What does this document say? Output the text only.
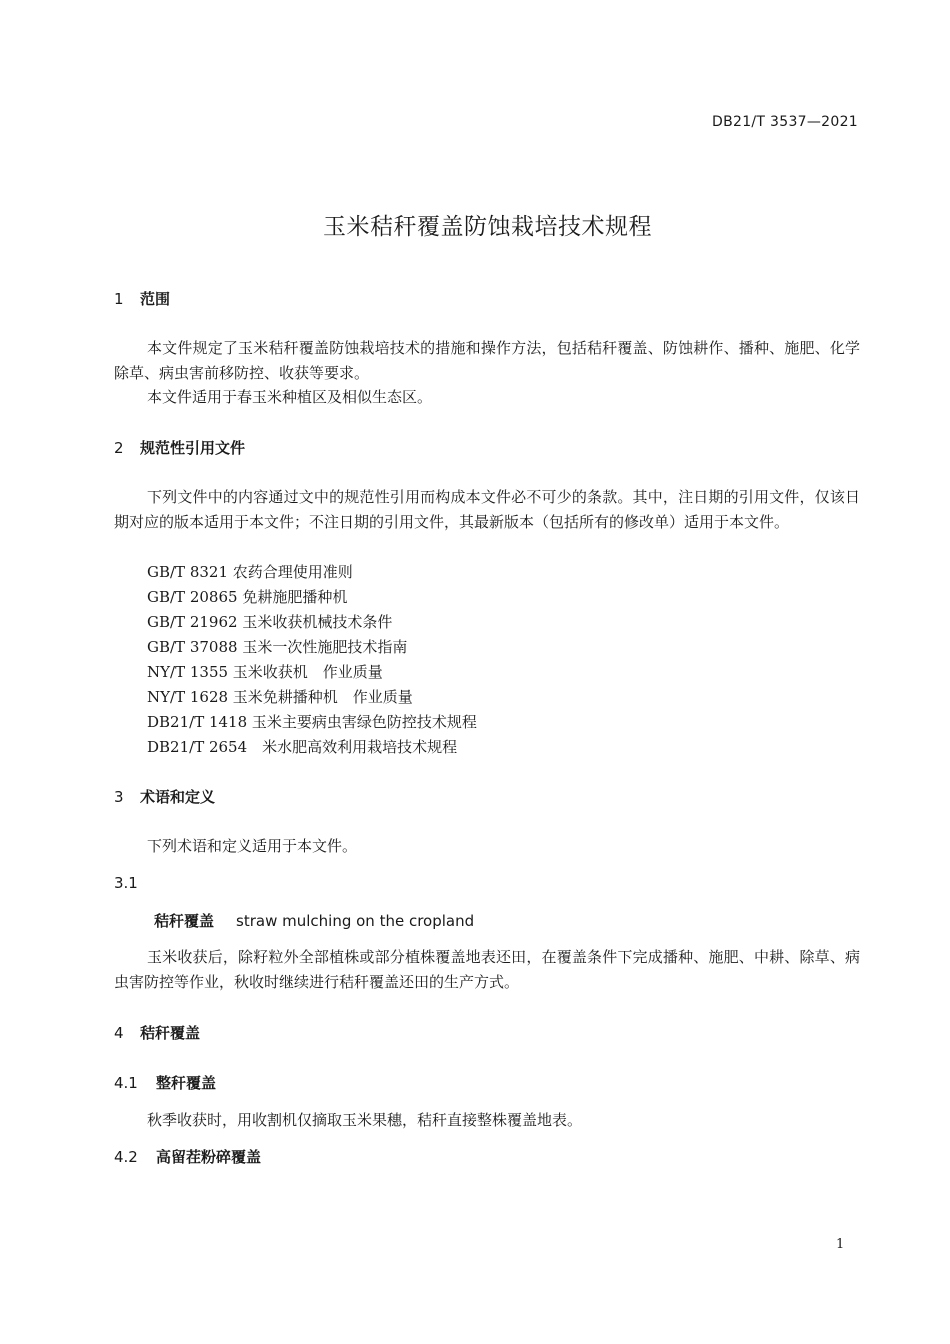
DB21/T 3537—2021
玉米秸秆覆盖防蚀栽培技术规程
1 范围
本文件规定了玉米秸秆覆盖防蚀栽培技术的措施和操作方法，包括秸秆覆盖、防蚀耕作、播种、施肥、化学除草、病虫害前移防控、收获等要求。
本文件适用于春玉米种植区及相似生态区。
2 规范性引用文件
下列文件中的内容通过文中的规范性引用而构成本文件必不可少的条款。其中，注日期的引用文件，仅该日期对应的版本适用于本文件；不注日期的引用文件，其最新版本（包括所有的修改单）适用于本文件。
GB/T 8321 农药合理使用准则
GB/T 20865 免耕施肥播种机
GB/T 21962 玉米收获机械技术条件
GB/T 37088 玉米一次性施肥技术指南
NY/T 1355 玉米收获机　作业质量
NY/T 1628 玉米免耕播种机　作业质量
DB21/T 1418 玉米主要病虫害绿色防控技术规程
DB21/T 2654　米水肥高效利用栽培技术规程
3 术语和定义
下列术语和定义适用于本文件。
3.1
秸秆覆盖 straw mulching on the cropland
玉米收获后，除籽粒外全部植株或部分植株覆盖地表还田，在覆盖条件下完成播种、施肥、中耕、除草、病虫害防控等作业，秋收时继续进行秸秆覆盖还田的生产方式。
4 秸秆覆盖
4.1 整秆覆盖
秋季收获时，用收割机仅摘取玉米果穗，秸秆直接整株覆盖地表。
4.2 高留茬粉碎覆盖
1
